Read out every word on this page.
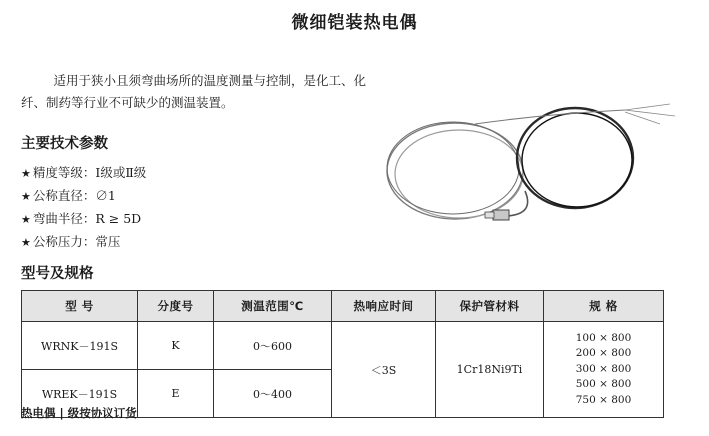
微细铠装热电偶

适用于狭小且须弯曲场所的温度测量与控制，是化工、化纤、制药等行业不可缺少的测温装置。

主要技术参数
★ 精度等级：Ⅰ级或Ⅱ级
★ 公称直径：∅1
★ 弯曲半径：R ≥ 5D
★ 公称压力：常压
型号及规格
型 号	分度号	测温范围℃	热响应时间	保护管材料	规 格
WRNK－191S	K	0～600	＜3S	1Cr18Ni9Ti	100 × 800
200 × 800
300 × 800
500 × 800
750 × 800

WREK－191S	E	0～400			
热电偶 | 级按协议订货
